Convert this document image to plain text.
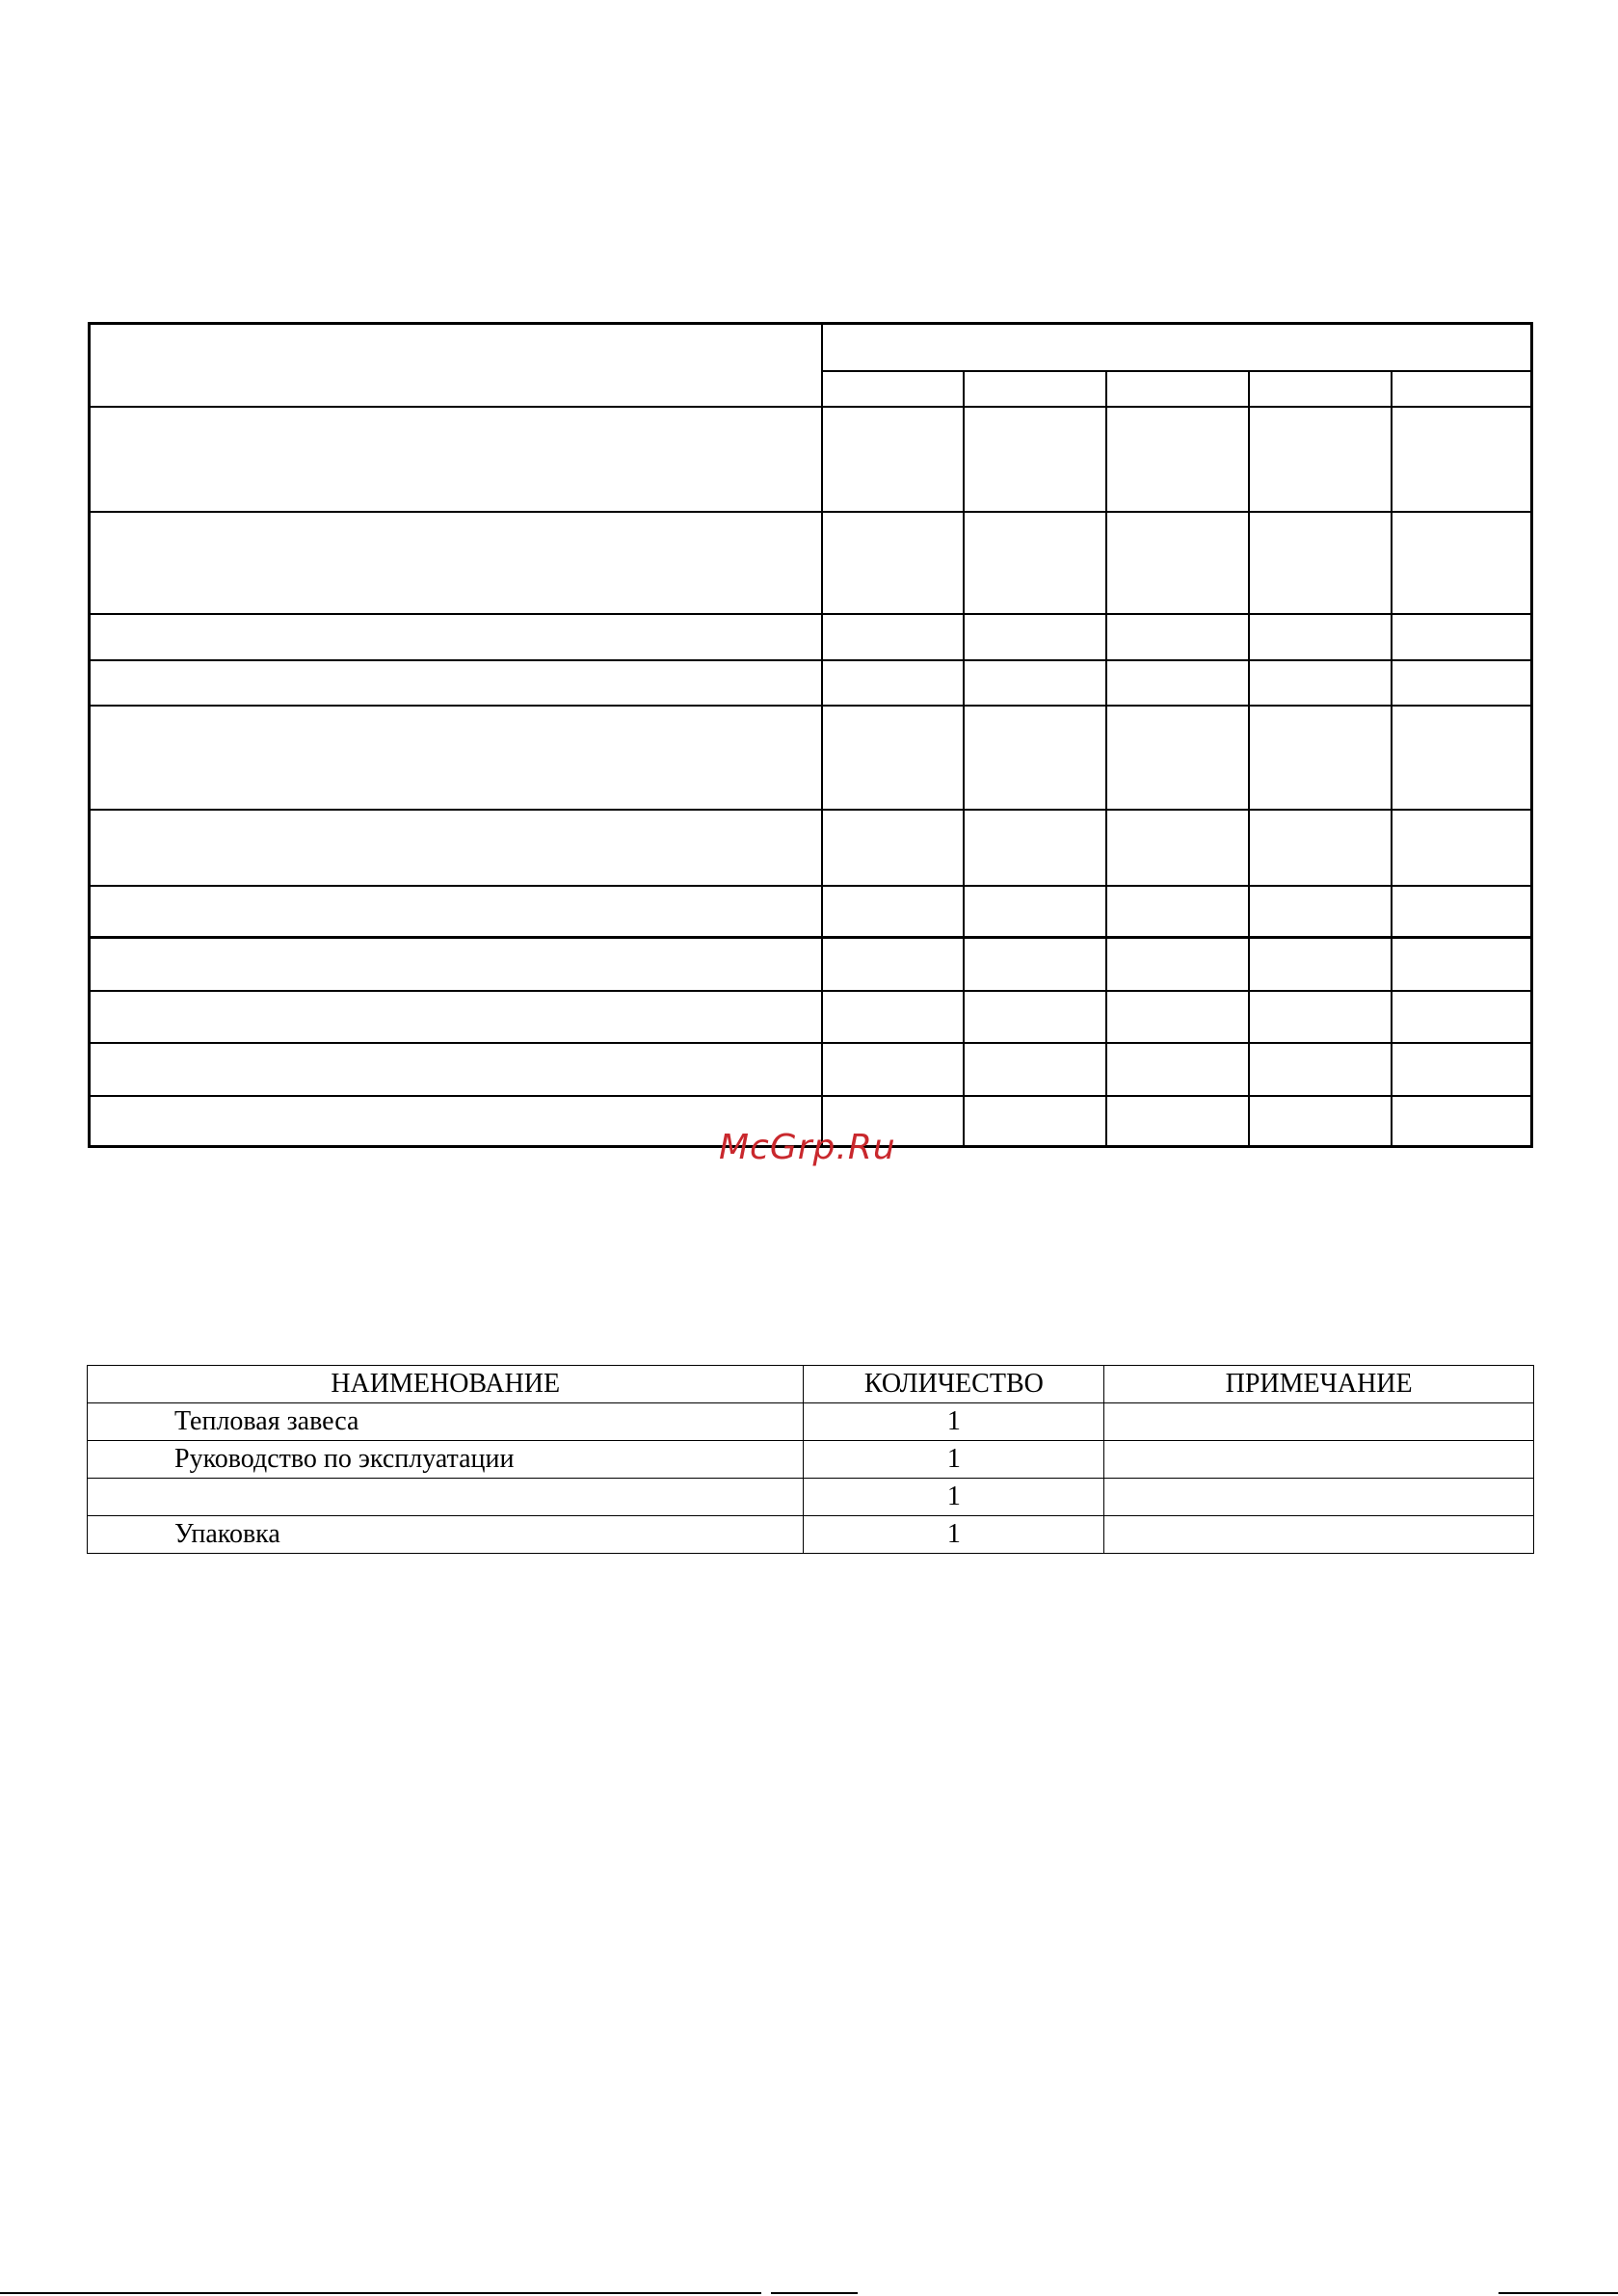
McGrp.Ru
НАИМЕНОВАНИЕ	КОЛИЧЕСТВО	ПРИМЕЧАНИЕ
Тепловая завеса	1	
Руководство по эксплуатации	1	
	1	
Упаковка	1	
